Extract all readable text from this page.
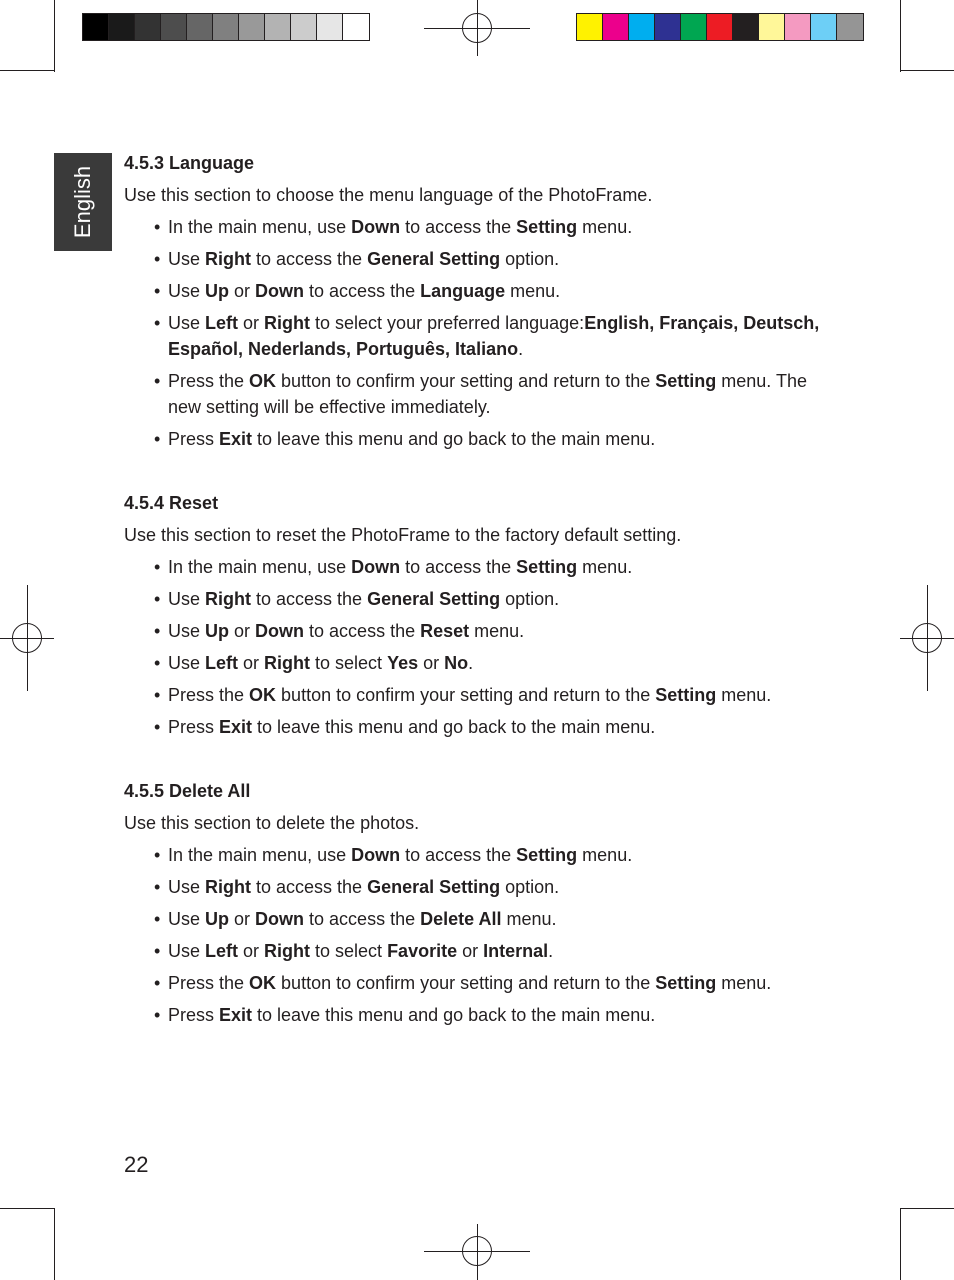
English
4.5.3 Language
Use this section to choose the menu language of the PhotoFrame.
• In the main menu, use Down to access the Setting menu.
• Use Right to access the General Setting option.
• Use Up or Down to access the Language menu.
• Use Left or Right to select your preferred language:English, Français, Deutsch, Español, Nederlands, Português, Italiano.
• Press the OK button to confirm your setting and return to the Setting menu. The new setting will be effective immediately.
• Press Exit to leave this menu and go back to the main menu.
4.5.4 Reset
Use this section to reset the PhotoFrame to the factory default setting.
• In the main menu, use Down to access the Setting menu.
• Use Right to access the General Setting option.
• Use Up or Down to access the Reset menu.
• Use Left or Right to select Yes or No.
• Press the OK button to confirm your setting and return to the Setting menu.
• Press Exit to leave this menu and go back to the main menu.
4.5.5 Delete All
Use this section to delete the photos.
• In the main menu, use Down to access the Setting menu.
• Use Right to access the General Setting option.
• Use Up or Down to access the Delete All menu.
• Use Left or Right to select Favorite or Internal.
• Press the OK button to confirm your setting and return to the Setting menu.
• Press Exit to leave this menu and go back to the main menu.
22
